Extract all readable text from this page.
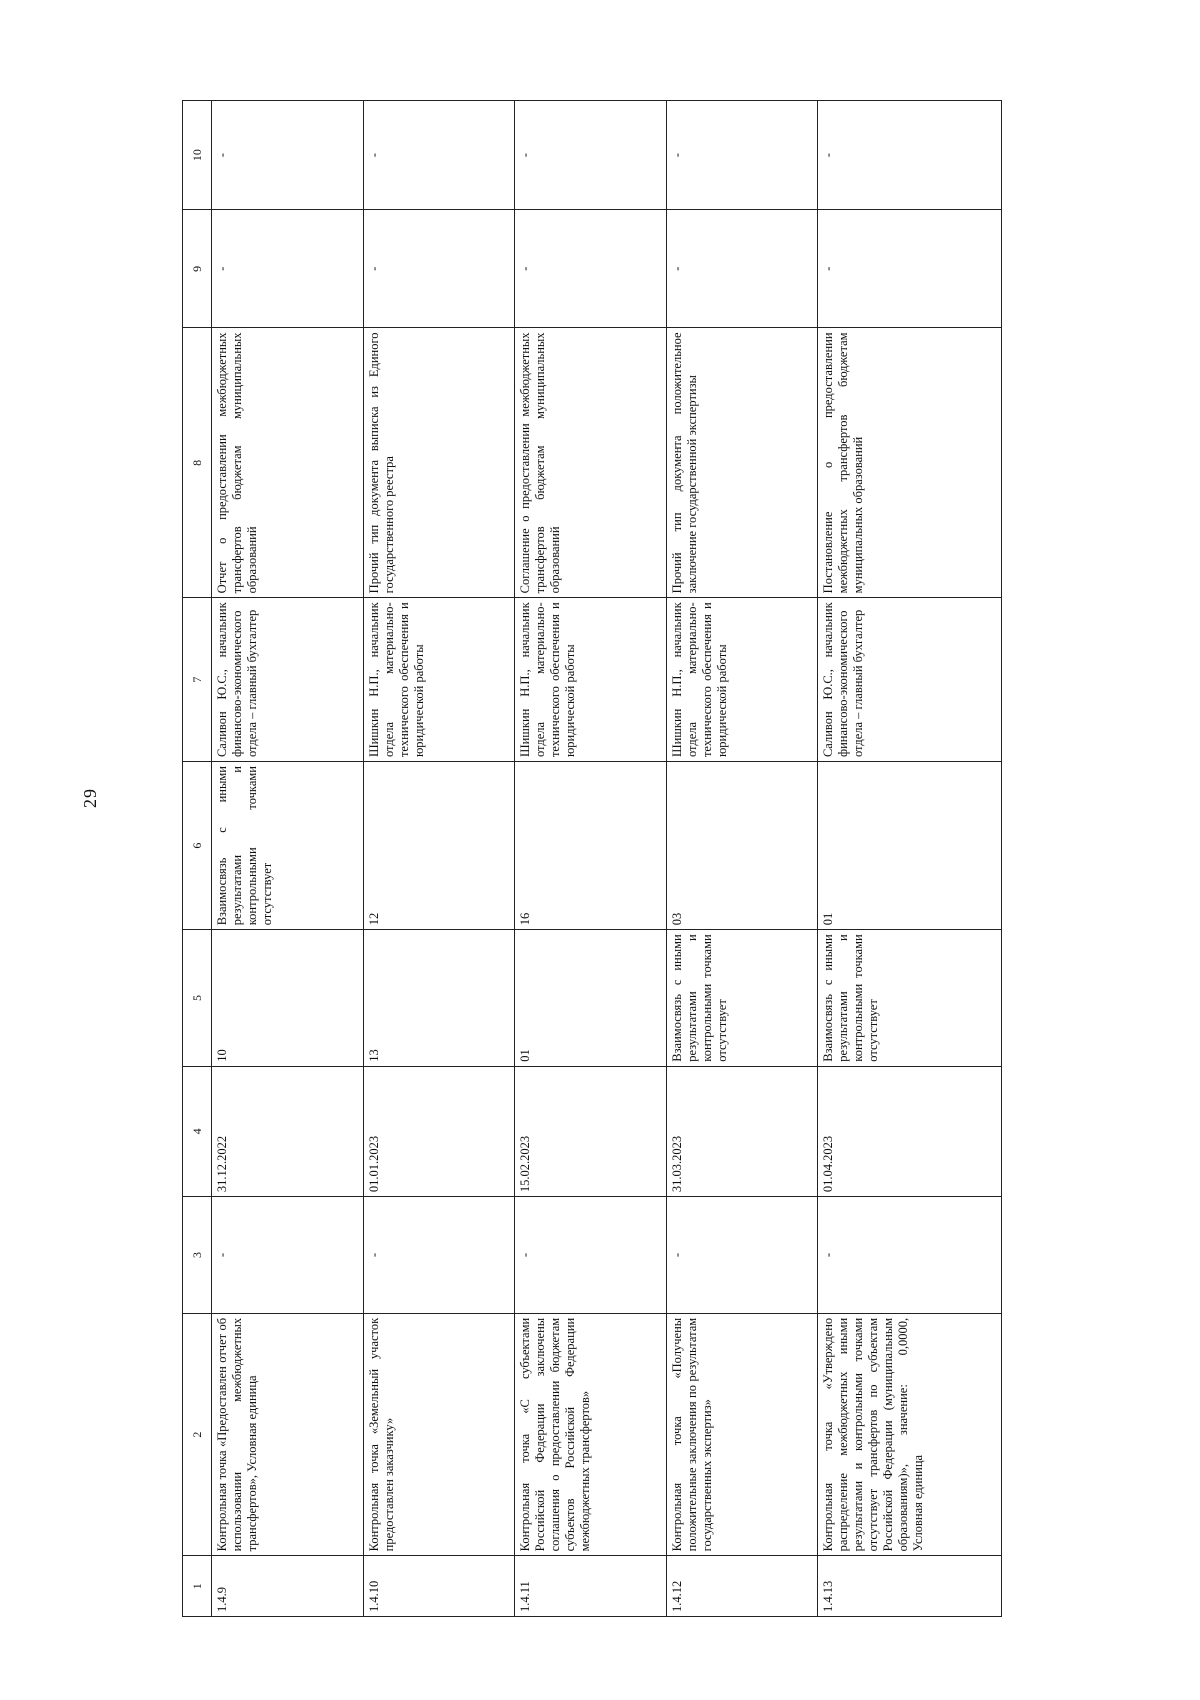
29
1	2	3	4	5	6	7	8	9	10
1.4.9	Контрольная точка «Предоставлен отчет об использовании межбюджетных трансфертов», Условная единица	-	31.12.2022	10	Взаимосвязь с иными результатами и контрольными точками отсутствует	Саливон Ю.С., начальник финансово-экономического отдела – главный бухгалтер	Отчет о предоставлении межбюджетных трансфертов бюджетам муниципальных образований	-	-
1.4.10	Контрольная точка «Земельный участок предоставлен заказчику»	-	01.01.2023	13	12	Шишкин Н.П., начальник отдела материально-технического обеспечения и юридической работы	Прочий тип документа выписка из Единого государственного реестра	-	-
1.4.11	Контрольная точка «С субъектами Российской Федерации заключены соглашения о предоставлении бюджетам субъектов Российской Федерации межбюджетных трансфертов»	-	15.02.2023	01	16	Шишкин Н.П., начальник отдела материально-технического обеспечения и юридической работы	Соглашение о предоставлении межбюджетных трансфертов бюджетам муниципальных образований	-	-
1.4.12	Контрольная точка «Получены положительные заключения по результатам государственных экспертиз»	-	31.03.2023	Взаимосвязь с иными результатами и контрольными точками отсутствует	03	Шишкин Н.П., начальник отдела материально-технического обеспечения и юридической работы	Прочий тип документа положительное заключение государственной экспертизы	-	-
1.4.13	Контрольная точка «Утверждено распределение межбюджетных иными результатами и контрольными точками отсутствует трансфертов по субъектам Российской Федерации (муниципальным образованиям)», значение: 0,0000, Условная единица	-	01.04.2023	Взаимосвязь с иными результатами и контрольными точками отсутствует	01	Саливон Ю.С., начальник финансово-экономического отдела – главный бухгалтер	Постановление о предоставлении межбюджетных трансфертов бюджетам муниципальных образований	-	-
